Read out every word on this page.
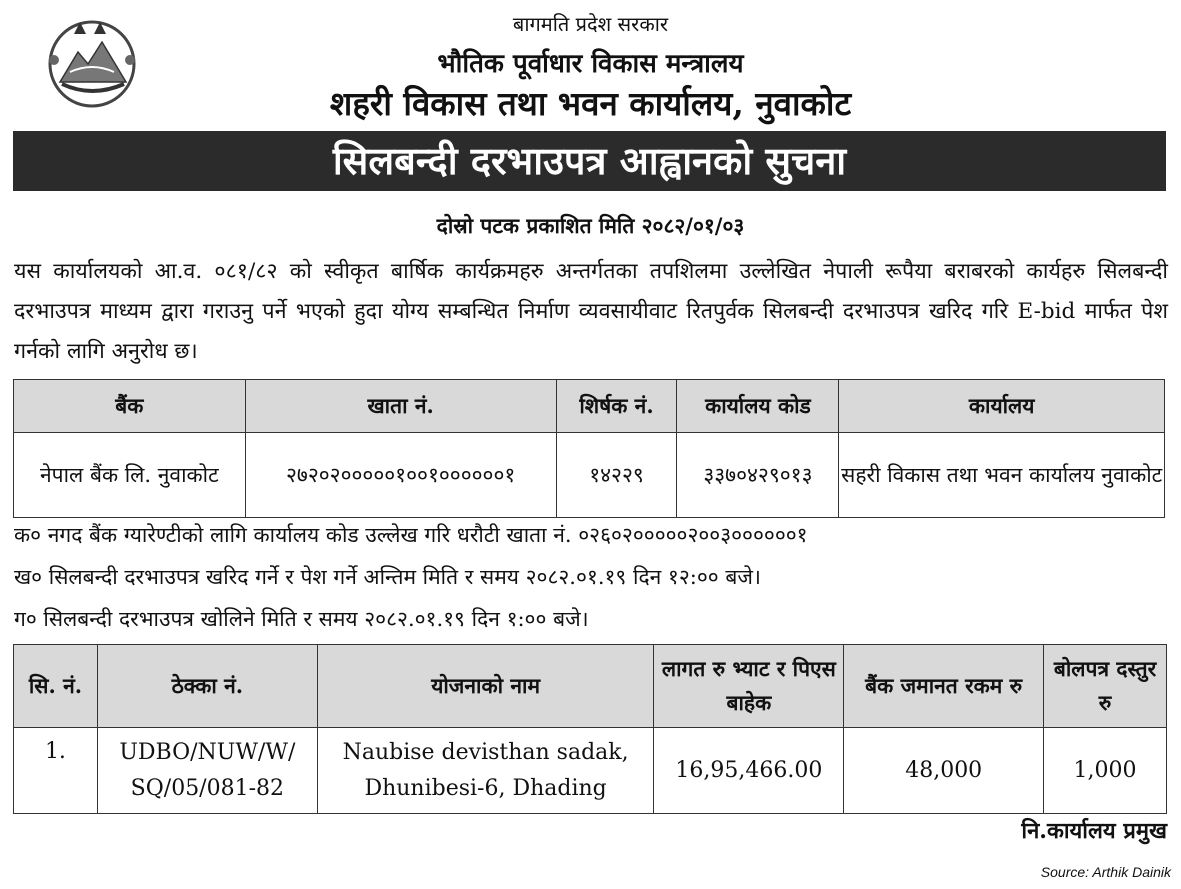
बागमति प्रदेश सरकार
भौतिक पूर्वाधार विकास मन्त्रालय
शहरी विकास तथा भवन कार्यालय, नुवाकोट
सिलबन्दी दरभाउपत्र आह्वानको सुचना
दोस्रो पटक प्रकाशित मिति २०८२/०१/०३
यस कार्यालयको आ.व. ०८१/८२ को स्वीकृत बार्षिक कार्यक्रमहरु अन्तर्गतका तपशिलमा उल्लेखित नेपाली रूपैया बराबरको कार्यहरु सिलबन्दी दरभाउपत्र माध्यम द्वारा गराउनु पर्ने भएको हुदा योग्य सम्बन्धित निर्माण व्यवसायीवाट रितपुर्वक सिलबन्दी दरभाउपत्र खरिद गरि E-bid मार्फत पेश गर्नको लागि अनुरोध छ।
बैंक	खाता नं.	शिर्षक नं.	कार्यालय कोड	कार्यालय
नेपाल बैंक लि. नुवाकोट	२७२०२०००००१००१००००००१	१४२२९	३३७०४२९०१३	सहरी विकास तथा भवन कार्यालय नुवाकोट
क० नगद बैंक ग्यारेण्टीको लागि कार्यालय कोड उल्लेख गरि धरौटी खाता नं. ०२६०२०००००२००३००००००१
ख० सिलबन्दी दरभाउपत्र खरिद गर्ने र पेश गर्ने अन्तिम मिति र समय २०८२.०१.१९ दिन १२:०० बजे।
ग० सिलबन्दी दरभाउपत्र खोलिने मिति र समय २०८२.०१.१९ दिन १:०० बजे।
सि. नं.	ठेक्का नं.	योजनाको नाम	लागत रु भ्याट र पिएस बाहेक	बैंक जमानत रकम रु	बोलपत्र दस्तुर रु
1.	UDBO/NUW/W/ SQ/05/081-82	Naubise devisthan sadak, Dhunibesi-6, Dhading	16,95,466.00	48,000	1,000
नि.कार्यालय प्रमुख
Source: Arthik Dainik
